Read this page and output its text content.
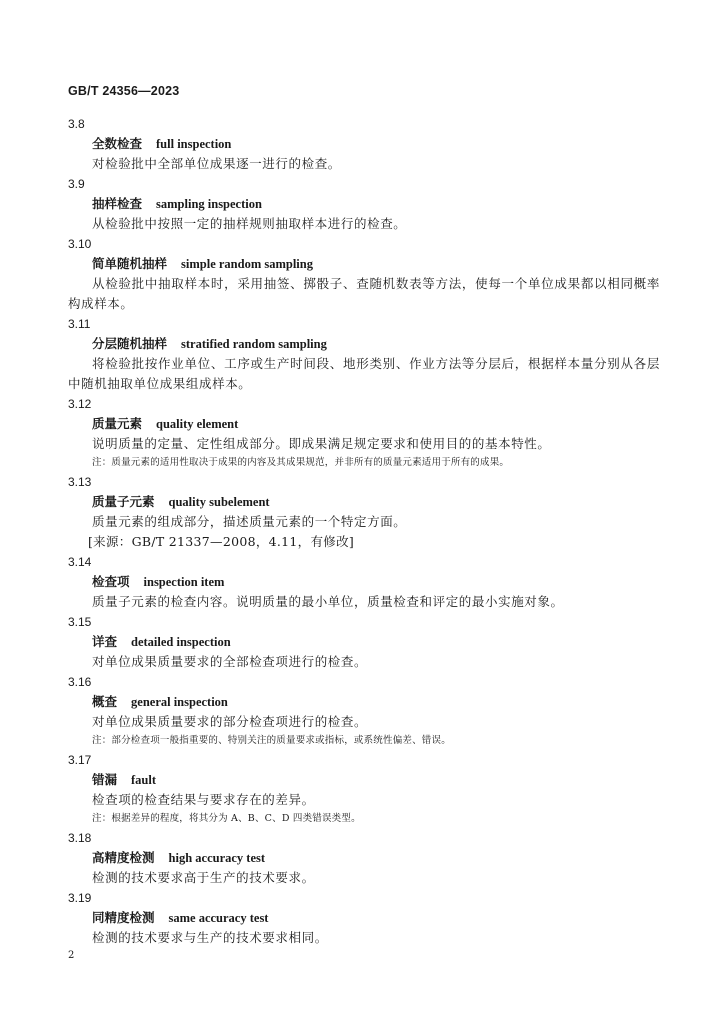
GB/T 24356—2023
3.8
全数检查 full inspection
对检验批中全部单位成果逐一进行的检查。
3.9
抽样检查 sampling inspection
从检验批中按照一定的抽样规则抽取样本进行的检查。
3.10
简单随机抽样 simple random sampling
从检验批中抽取样本时，采用抽签、掷骰子、查随机数表等方法，使每一个单位成果都以相同概率构成样本。
3.11
分层随机抽样 stratified random sampling
将检验批按作业单位、工序或生产时间段、地形类别、作业方法等分层后，根据样本量分别从各层中随机抽取单位成果组成样本。
3.12
质量元素 quality element
说明质量的定量、定性组成部分。即成果满足规定要求和使用目的的基本特性。
注：质量元素的适用性取决于成果的内容及其成果规范，并非所有的质量元素适用于所有的成果。
3.13
质量子元素 quality subelement
质量元素的组成部分，描述质量元素的一个特定方面。
[来源：GB/T 21337—2008，4.11，有修改]
3.14
检查项 inspection item
质量子元素的检查内容。说明质量的最小单位，质量检查和评定的最小实施对象。
3.15
详查 detailed inspection
对单位成果质量要求的全部检查项进行的检查。
3.16
概查 general inspection
对单位成果质量要求的部分检查项进行的检查。
注：部分检查项一般指重要的、特别关注的质量要求或指标，或系统性偏差、错误。
3.17
错漏 fault
检查项的检查结果与要求存在的差异。
注：根据差异的程度，将其分为 A、B、C、D 四类错误类型。
3.18
高精度检测 high accuracy test
检测的技术要求高于生产的技术要求。
3.19
同精度检测 same accuracy test
检测的技术要求与生产的技术要求相同。
2
